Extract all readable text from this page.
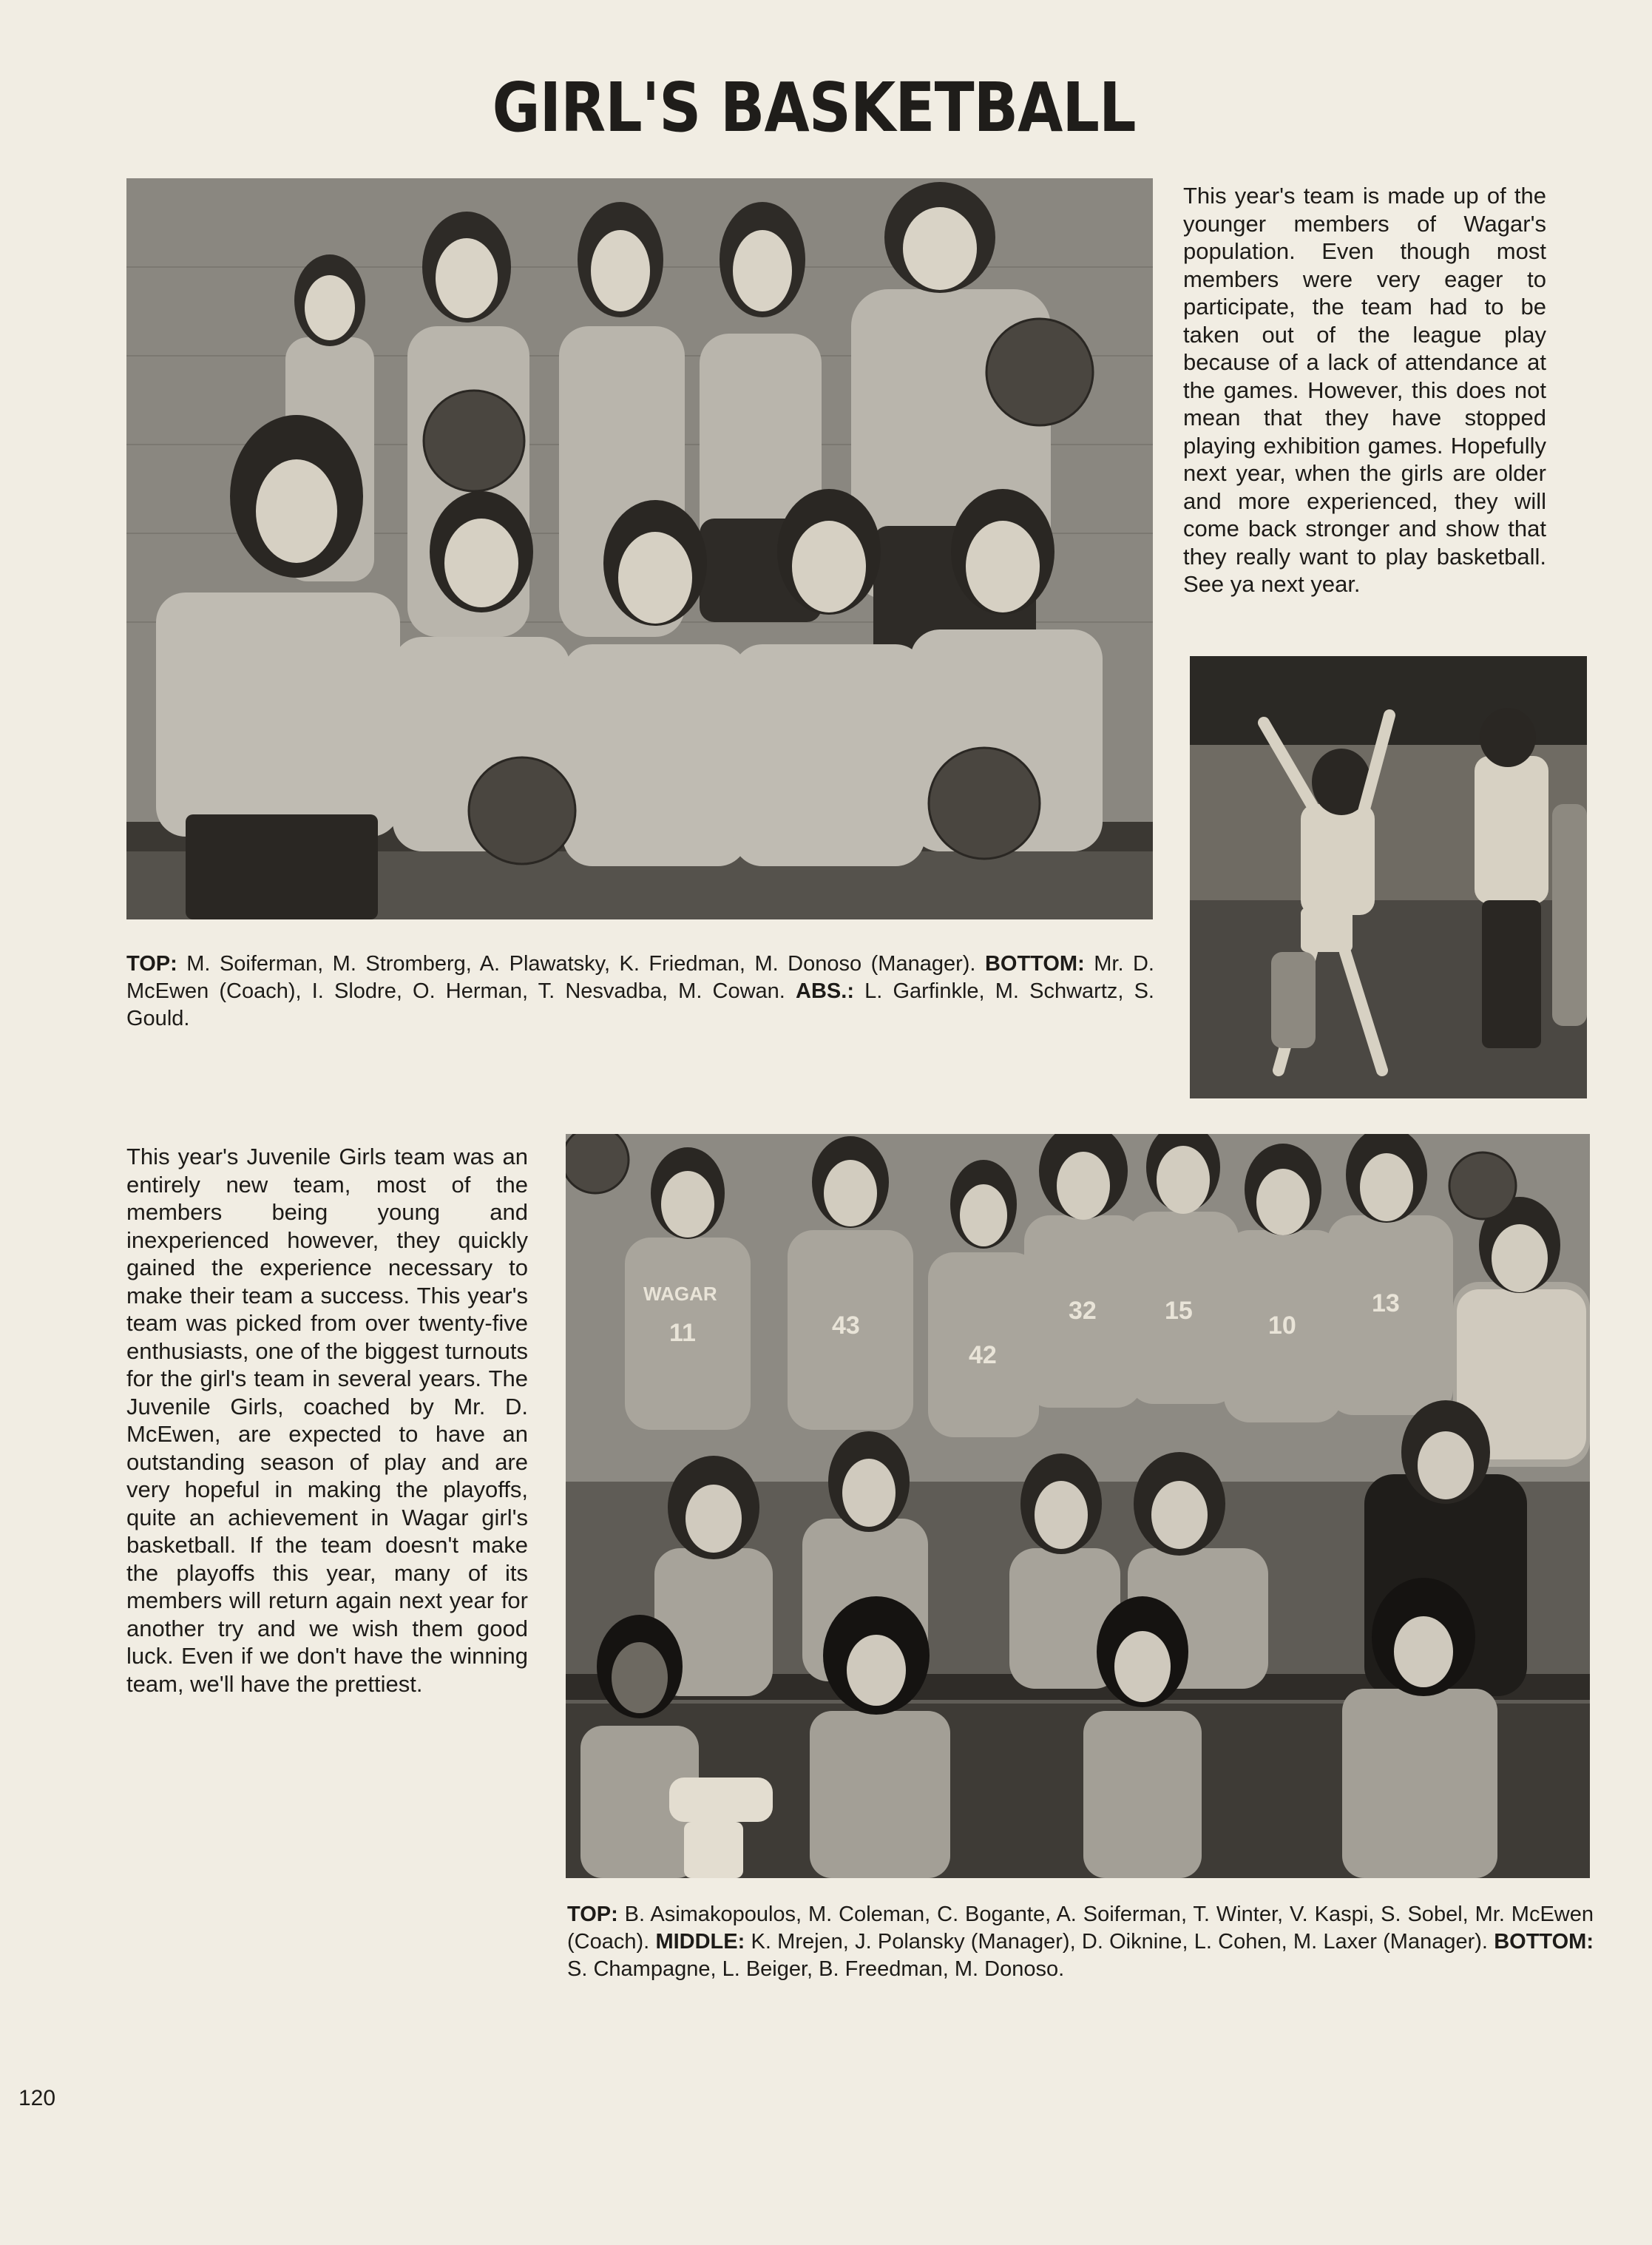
GIRL'S BASKETBALL
This year's team is made up of the younger members of Wagar's population. Even though most members were very eager to participate, the team had to be taken out of the league play because of a lack of attendance at the games. However, this does not mean that they have stopped playing exhibition games. Hopefully next year, when the girls are older and more experienced, they will come back stronger and show that they really want to play basketball. See ya next year.
TOP: M. Soiferman, M. Stromberg, A. Plawatsky, K. Friedman, M. Donoso (Manager). BOTTOM: Mr. D. McEwen (Coach), I. Slodre, O. Herman, T. Nesvadba, M. Cowan. ABS.: L. Garfinkle, M. Schwartz, S. Gould.
This year's Juvenile Girls team was an entirely new team, most of the members being young and inexperienced however, they quickly gained the experience necessary to make their team a success. This year's team was picked from over twenty-five enthusiasts, one of the biggest turnouts for the girl's team in several years. The Juvenile Girls, coached by Mr. D. McEwen, are expected to have an outstanding season of play and are very hopeful in making the playoffs, quite an achievement in Wagar girl's basketball. If the team doesn't make the playoffs this year, many of its members will return again next year for another try and we wish them good luck. Even if we don't have the winning team, we'll have the prettiest.
11	43
42
32	15
10
13
WAGAR
TOP: B. Asimakopoulos, M. Coleman, C. Bogante, A. Soiferman, T. Winter, V. Kaspi, S. Sobel, Mr. McEwen (Coach). MIDDLE: K. Mrejen, J. Polansky (Manager), D. Oiknine, L. Cohen, M. Laxer (Manager). BOTTOM: S. Champagne, L. Beiger, B. Freedman, M. Donoso.
120
